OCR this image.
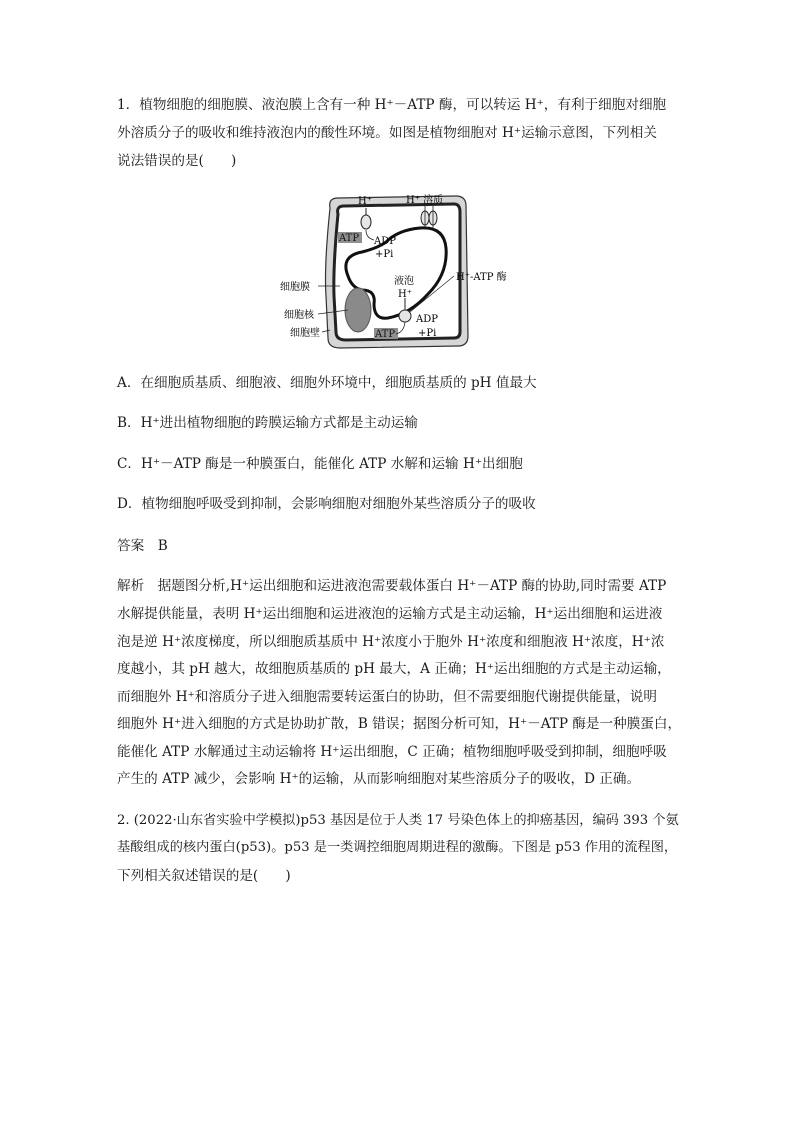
1．植物细胞的细胞膜、液泡膜上含有一种 H⁺－ATP 酶，可以转运 H⁺，有利于细胞对细胞
外溶质分子的吸收和维持液泡内的酸性环境。如图是植物细胞对 H⁺运输示意图，下列相关
说法错误的是(　　)
H⁺	H⁺ 溶质
ATP ADP
+Pi
液泡
H⁺
H⁺-ATP 酶
细胞膜
细胞核
细胞壁	ATP
ADP
+Pi
A．在细胞质基质、细胞液、细胞外环境中，细胞质基质的 pH 值最大
B．H⁺进出植物细胞的跨膜运输方式都是主动运输
C．H⁺－ATP 酶是一种膜蛋白，能催化 ATP 水解和运输 H⁺出细胞
D．植物细胞呼吸受到抑制，会影响细胞对细胞外某些溶质分子的吸收
答案　B
解析　据题图分析,H⁺运出细胞和运进液泡需要载体蛋白 H⁺－ATP 酶的协助,同时需要 ATP
水解提供能量，表明 H⁺运出细胞和运进液泡的运输方式是主动运输，H⁺运出细胞和运进液
泡是逆 H⁺浓度梯度，所以细胞质基质中 H⁺浓度小于胞外 H⁺浓度和细胞液 H⁺浓度，H⁺浓
度越小，其 pH 越大，故细胞质基质的 pH 最大，A 正确；H⁺运出细胞的方式是主动运输，
而细胞外 H⁺和溶质分子进入细胞需要转运蛋白的协助，但不需要细胞代谢提供能量，说明
细胞外 H⁺进入细胞的方式是协助扩散，B 错误；据图分析可知，H⁺－ATP 酶是一种膜蛋白，
能催化 ATP 水解通过主动运输将 H⁺运出细胞，C 正确；植物细胞呼吸受到抑制，细胞呼吸
产生的 ATP 减少，会影响 H⁺的运输，从而影响细胞对某些溶质分子的吸收，D 正确。
2. (2022·山东省实验中学模拟)p53 基因是位于人类 17 号染色体上的抑癌基因，编码 393 个氨
基酸组成的核内蛋白(p53)。p53 是一类调控细胞周期进程的激酶。下图是 p53 作用的流程图，
下列相关叙述错误的是(　　)
